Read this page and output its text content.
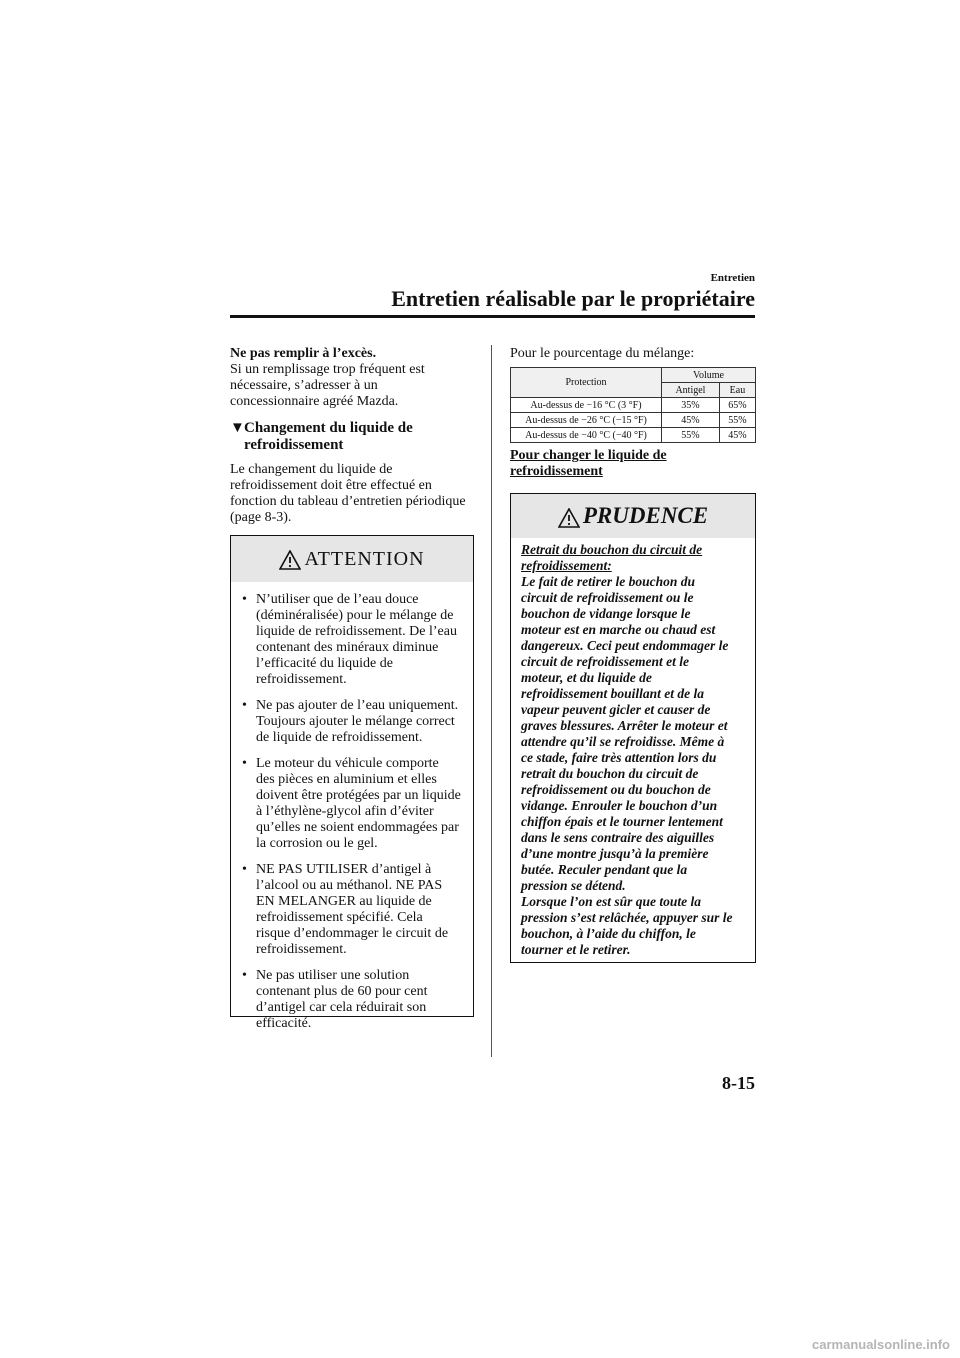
Entretien
Entretien réalisable par le propriétaire
Ne pas remplir à l’excès.
Si un remplissage trop fréquent est
nécessaire, s’adresser à un
concessionnaire agréé Mazda.
▼ Changement du liquide de
refroidissement
Le changement du liquide de
refroidissement doit être effectué en
fonction du tableau d’entretien périodique
(page 8-3).
ATTENTION
• N’utiliser que de l’eau douce
(déminéralisée) pour le mélange de
liquide de refroidissement. De l’eau
contenant des minéraux diminue
l’efficacité du liquide de
refroidissement.
• Ne pas ajouter de l’eau uniquement.
Toujours ajouter le mélange correct
de liquide de refroidissement.
• Le moteur du véhicule comporte
des pièces en aluminium et elles
doivent être protégées par un liquide
à l’éthylène-glycol afin d’éviter
qu’elles ne soient endommagées par
la corrosion ou le gel.
• NE PAS UTILISER d’antigel à
l’alcool ou au méthanol. NE PAS
EN MELANGER au liquide de
refroidissement spécifié. Cela
risque d’endommager le circuit de
refroidissement.
• Ne pas utiliser une solution
contenant plus de 60 pour cent
d’antigel car cela réduirait son
efficacité.
Pour le pourcentage du mélange:
Protection	Volume	
	Antigel	Eau
Au-dessus de −16 °C (3 °F)	35%	65%
Au-dessus de −26 °C (−15 °F)	45%	55%
Au-dessus de −40 °C (−40 °F)	55%	45%
Pour changer le liquide de
refroidissement
PRUDENCE
Retrait du bouchon du circuit de
refroidissement:
Le fait de retirer le bouchon du
circuit de refroidissement ou le
bouchon de vidange lorsque le
moteur est en marche ou chaud est
dangereux. Ceci peut endommager le
circuit de refroidissement et le
moteur, et du liquide de
refroidissement bouillant et de la
vapeur peuvent gicler et causer de
graves blessures. Arrêter le moteur et
attendre qu’il se refroidisse. Même à
ce stade, faire très attention lors du
retrait du bouchon du circuit de
refroidissement ou du bouchon de
vidange. Enrouler le bouchon d’un
chiffon épais et le tourner lentement
dans le sens contraire des aiguilles
d’une montre jusqu’à la première
butée. Reculer pendant que la
pression se détend.
Lorsque l’on est sûr que toute la
pression s’est relâchée, appuyer sur le
bouchon, à l’aide du chiffon, le
tourner et le retirer.
8-15
carmanualsonline.info
